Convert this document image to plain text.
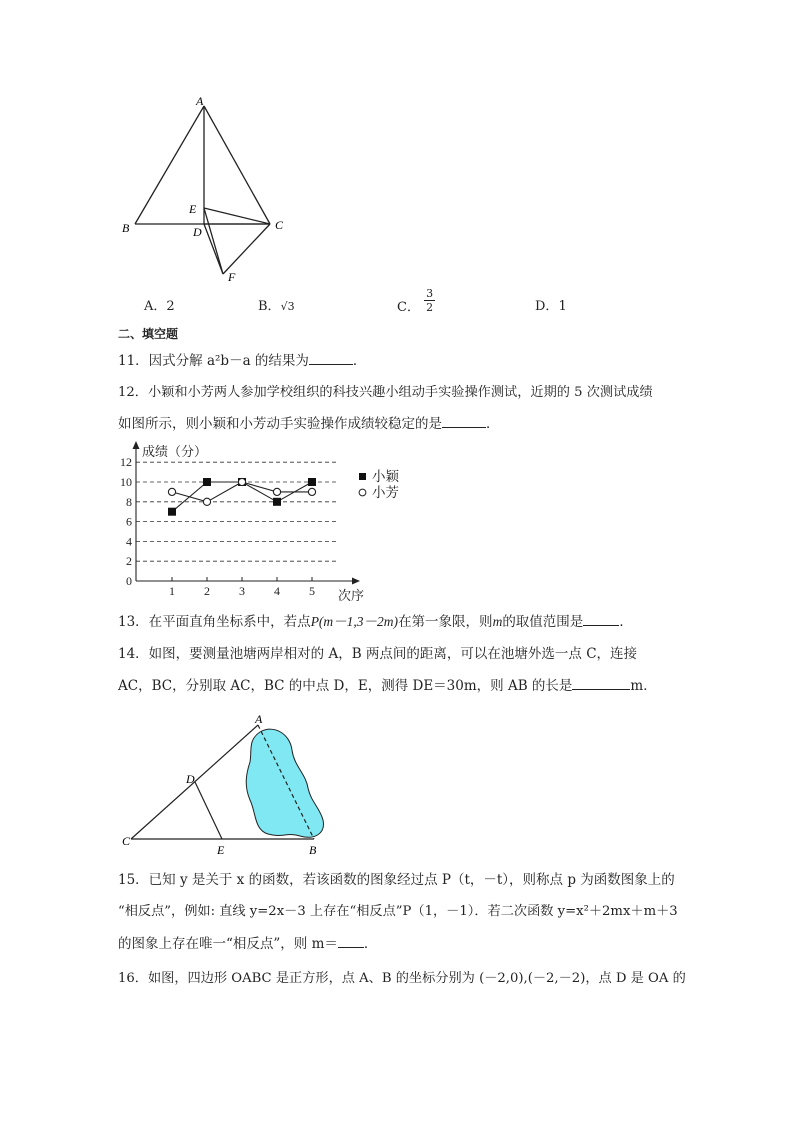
A
B	C
E
D
F
A．2	B．√3	C． $\frac{3}{2}$	D．1
二、填空题
11．因式分解 a²b－a 的结果为	．
12．小颖和小芳两人参加学校组织的科技兴趣小组动手实验操作测试，近期的 5 次测试成绩
如图所示，则小颖和小芳动手实验操作成绩较稳定的是	．
0
2
4
6
8
10
12
1 2 3 4 5
成绩（分）
次序
小颖
小芳
13．在平面直角坐标系中，若点P(m－1,3－2m)在第一象限，则m的取值范围是	．
14．如图，要测量池塘两岸相对的 A，B 两点间的距离，可以在池塘外选一点 C，连接
AC，BC，分别取 AC，BC 的中点 D，E，测得 DE＝30m，则 AB 的长是	m．
A
D
C
E	B
15．已知 y 是关于 x 的函数，若该函数的图象经过点 P（t，－t），则称点 p 为函数图象上的
“相反点”，例如: 直线 y=2x－3 上存在“相反点”P（1，－1）．若二次函数 y=x²＋2mx＋m＋3
的图象上存在唯一“相反点”，则 m＝ ．
16．如图，四边形 OABC 是正方形，点 A、B 的坐标分别为 (－2,0),(－2,－2)，点 D 是 OA 的
